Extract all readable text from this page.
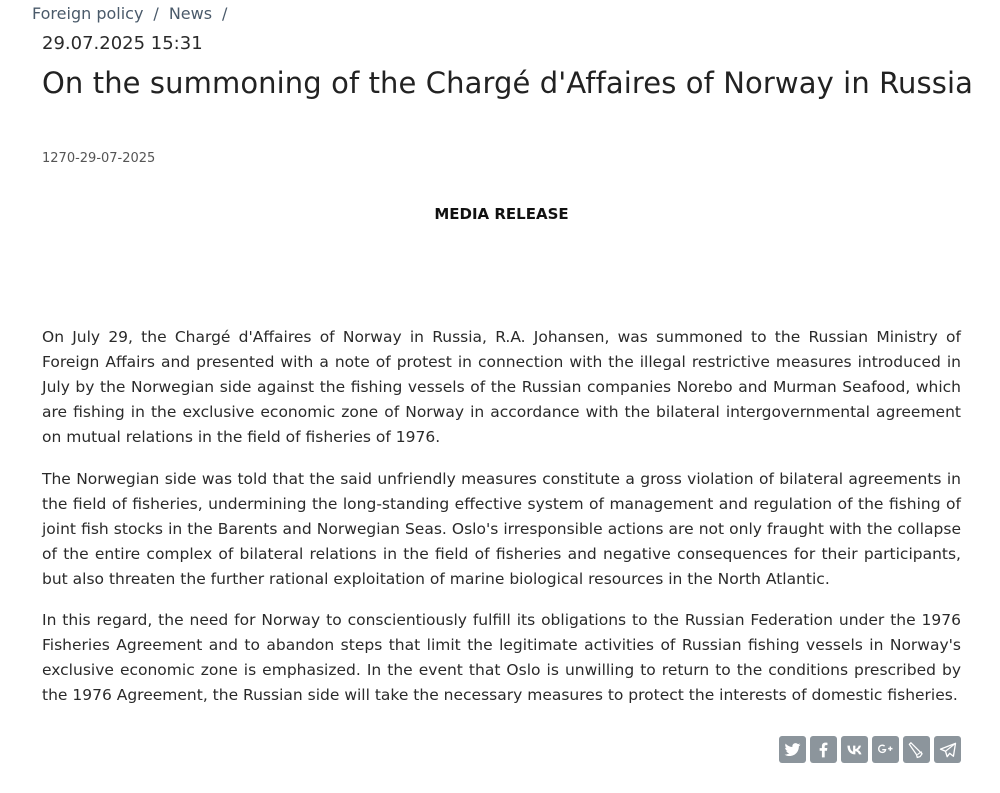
Foreign policy / News /
29.07.2025 15:31
On the summoning of the Chargé d'Affaires of Norway in Russia
1270-29-07-2025
MEDIA RELEASE

On July 29, the Chargé d'Affaires of Norway in Russia, R.A. Johansen, was summoned to the Russian Ministry of Foreign Affairs and presented with a note of protest in connection with the illegal restrictive measures introduced in July by the Norwegian side against the fishing vessels of the Russian companies Norebo and Murman Seafood, which are fishing in the exclusive economic zone of Norway in accordance with the bilateral intergovernmental agreement on mutual relations in the field of fisheries of 1976.

The Norwegian side was told that the said unfriendly measures constitute a gross violation of bilateral agreements in the field of fisheries, undermining the long-standing effective system of management and regulation of the fishing of joint fish stocks in the Barents and Norwegian Seas. Oslo's irresponsible actions are not only fraught with the collapse of the entire complex of bilateral relations in the field of fisheries and negative consequences for their participants, but also threaten the further rational exploitation of marine biological resources in the North Atlantic.

In this regard, the need for Norway to conscientiously fulfill its obligations to the Russian Federation under the 1976 Fisheries Agreement and to abandon steps that limit the legitimate activities of Russian fishing vessels in Norway's exclusive economic zone is emphasized. In the event that Oslo is unwilling to return to the conditions prescribed by the 1976 Agreement, the Russian side will take the necessary measures to protect the interests of domestic fisheries.
